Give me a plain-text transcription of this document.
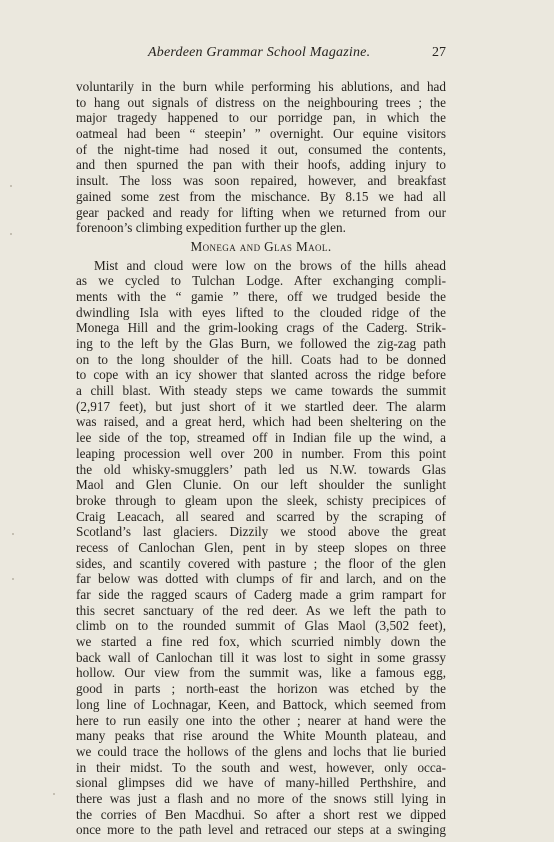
Aberdeen Grammar School Magazine.	27
voluntarily in the burn while performing his ablutions, and had
to hang out signals of distress on the neighbouring trees ; the
major tragedy happened to our porridge pan, in which the
oatmeal had been “ steepin’ ” overnight. Our equine visitors
of the night-time had nosed it out, consumed the contents,
and then spurned the pan with their hoofs, adding injury to
insult. The loss was soon repaired, however, and breakfast
gained some zest from the mischance. By 8.15 we had all
gear packed and ready for lifting when we returned from our
forenoon’s climbing expedition further up the glen.
Monega and Glas Maol.
Mist and cloud were low on the brows of the hills ahead
as we cycled to Tulchan Lodge. After exchanging compli-
ments with the “ gamie ” there, off we trudged beside the
dwindling Isla with eyes lifted to the clouded ridge of the
Monega Hill and the grim-looking crags of the Caderg. Strik-
ing to the left by the Glas Burn, we followed the zig-zag path
on to the long shoulder of the hill. Coats had to be donned
to cope with an icy shower that slanted across the ridge before
a chill blast. With steady steps we came towards the summit
(2,917 feet), but just short of it we startled deer. The alarm
was raised, and a great herd, which had been sheltering on the
lee side of the top, streamed off in Indian file up the wind, a
leaping procession well over 200 in number. From this point
the old whisky-smugglers’ path led us N.W. towards Glas
Maol and Glen Clunie. On our left shoulder the sunlight
broke through to gleam upon the sleek, schisty precipices of
Craig Leacach, all seared and scarred by the scraping of
Scotland’s last glaciers. Dizzily we stood above the great
recess of Canlochan Glen, pent in by steep slopes on three
sides, and scantily covered with pasture ; the floor of the glen
far below was dotted with clumps of fir and larch, and on the
far side the ragged scaurs of Caderg made a grim rampart for
this secret sanctuary of the red deer. As we left the path to
climb on to the rounded summit of Glas Maol (3,502 feet),
we started a fine red fox, which scurried nimbly down the
back wall of Canlochan till it was lost to sight in some grassy
hollow. Our view from the summit was, like a famous egg,
good in parts ; north-east the horizon was etched by the
long line of Lochnagar, Keen, and Battock, which seemed from
here to run easily one into the other ; nearer at hand were the
many peaks that rise around the White Mounth plateau, and
we could trace the hollows of the glens and lochs that lie buried
in their midst. To the south and west, however, only occa-
sional glimpses did we have of many-hilled Perthshire, and
there was just a flash and no more of the snows still lying in
the corries of Ben Macdhui. So after a short rest we dipped
once more to the path level and retraced our steps at a swinging
